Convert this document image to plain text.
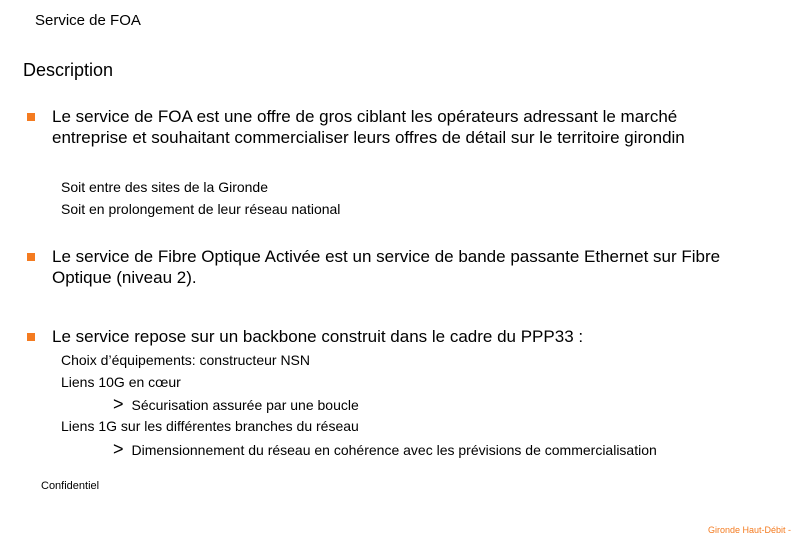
Service de FOA
Description
Le service de FOA est une offre de gros ciblant les opérateurs adressant le marché entreprise et souhaitant commercialiser leurs offres de détail sur le territoire girondin
Soit entre des sites de la Gironde
Soit en prolongement de leur réseau national
Le service de Fibre Optique Activée est un service de bande passante Ethernet sur Fibre Optique (niveau 2).
Le service repose sur un backbone construit dans le cadre du PPP33 :
Choix d’équipements: constructeur NSN
Liens 10G en cœur
> Sécurisation assurée par une boucle
Liens 1G sur les différentes branches du réseau
> Dimensionnement du réseau en cohérence avec les prévisions de commercialisation
Confidentiel
Gironde Haut-Débit -
